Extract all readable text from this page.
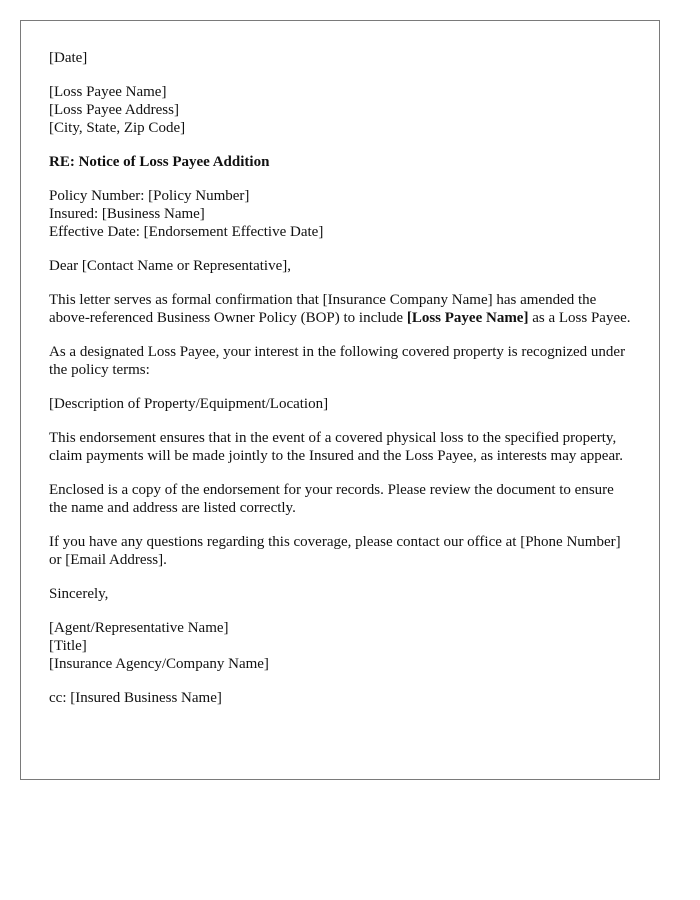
[Date]
[Loss Payee Name]
[Loss Payee Address]
[City, State, Zip Code]
RE: Notice of Loss Payee Addition
Policy Number: [Policy Number]
Insured: [Business Name]
Effective Date: [Endorsement Effective Date]

Dear [Contact Name or Representative],

This letter serves as formal confirmation that [Insurance Company Name] has amended the above-referenced Business Owner Policy (BOP) to include [Loss Payee Name] as a Loss Payee.

As a designated Loss Payee, your interest in the following covered property is recognized under the policy terms:

[Description of Property/Equipment/Location]

This endorsement ensures that in the event of a covered physical loss to the specified property, claim payments will be made jointly to the Insured and the Loss Payee, as interests may appear.

Enclosed is a copy of the endorsement for your records. Please review the document to ensure the name and address are listed correctly.

If you have any questions regarding this coverage, please contact our office at [Phone Number] or [Email Address].

Sincerely,

[Agent/Representative Name]
[Title]
[Insurance Agency/Company Name]

cc: [Insured Business Name]
